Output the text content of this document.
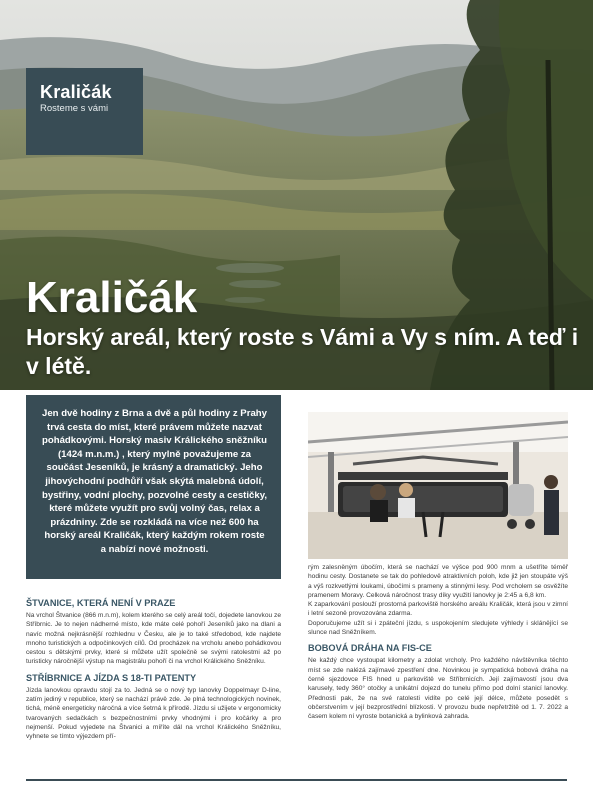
Kraličák
Rosteme s vámi
Kraličák
Horský areál, který roste s Vámi a Vy s ním. A teď i v létě.

Jen dvě hodiny z Brna a dvě a půl hodiny z Prahy trvá cesta do míst, které právem můžete nazvat pohádkovými. Horský masiv Králického sněžníku (1424 m.n.m.) , který mylně považujeme za součást Jeseníků, je krásný a dramatický. Jeho jihovýchodní podhůří však skýtá malebná údolí, bystřiny, vodní plochy, pozvolné cesty a cestičky, které můžete využít pro svůj volný čas, relax a prázdniny. Zde se rozkládá na více než 600 ha horský areál Kraličák, který každým rokem roste a nabízí nové možnosti.

ŠTVANICE, KTERÁ NENÍ V PRAZE

Na vrchol Štvanice (866 m.n.m), kolem kterého se celý areál točí, dojedete lanovkou ze Stříbrnic. Je to nejen nádherné místo, kde máte celé pohoří Jeseníků jako na dlani a navíc možná nejkrásnější rozhlednu v Česku, ale je to také středobod, kde najdete mnoho turistických a odpočinkových cílů. Od procházek na vrcholu anebo pohádkovou cestou s dětskými prvky, které si můžete užít společně se svými ratolestmi až po turisticky náročnější výstup na magistrálu pohoří či na vrchol Králického Sněžníku.

STŘÍBRNICE A JÍZDA S 18-TI PATENTY

Jízda lanovkou opravdu stojí za to. Jedná se o nový typ lanovky Doppelmayr D-line, zatím jediný v republice, který se nachází právě zde. Je plná technologických novinek, tichá, méně energeticky náročná a více šetrná k přírodě. Jízdu si užijete v ergonomicky tvarovaných sedačkách s bezpečnostními prvky vhodnými i pro kočárky a pro nejmenší. Pokud vyjedete na Štvanici a míříte dál na vrchol Králického Sněžníku, vyhnete se tímto výjezdem pří-

rým zalesněným úbočím, která se nachází ve výšce pod 900 mnm a ušetříte téměř hodinu cesty. Dostanete se tak do pohledově atraktivních poloh, kde již jen stoupáte výš a výš rozkvetlými loukami, úbočími s prameny a stinnými lesy. Pod vrcholem se osvěžíte pramenem Moravy. Celková náročnost trasy díky využití lanovky je 2:45 a 6,8 km.

K zaparkování poslouží prostorná parkoviště horského areálu Kraličák, která jsou v zimní i letní sezoně provozována zdarma.

Doporučujeme užít si i zpáteční jízdu, s uspokojením sledujete výhledy i sklánějící se slunce nad Sněžníkem.

BOBOVÁ DRÁHA NA FIS-CE

Ne každý chce vystoupat kilometry a zdolat vrcholy. Pro každého návštěvníka těchto míst se zde nalézá zajímavé zpestření dne. Novinkou je sympatická bobová dráha na černě sjezdovce FIS hned u parkoviště ve Stříbrnicích. Její zajímavostí jsou dva karusely, tedy 360° otočky a unikátní dojezd do tunelu přímo pod dolní stanicí lanovky. Přednosti pak, že na své ratolesti vidíte po celé její délce, můžete posedět s občerstvením v její bezprostřední blízkosti. V provozu bude nepřetržitě od 1. 7. 2022 a časem kolem ní vyroste botanická a bylinková zahrada.
